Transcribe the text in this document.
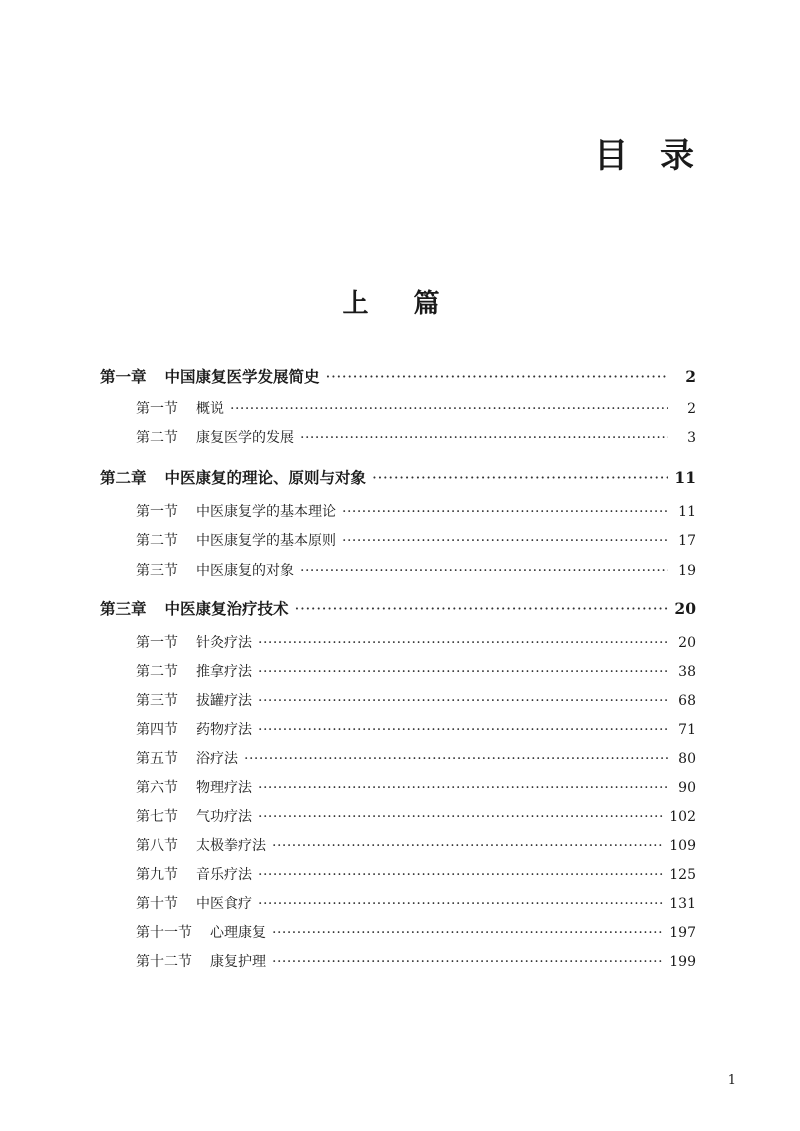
目 录
上 篇
第一章 中国康复医学发展简史 ·····	2
第一节 概说 ·····	2
第二节 康复医学的发展 ·····	3
第二章 中医康复的理论、原则与对象 ·····	11
第一节 中医康复学的基本理论 ·····	11
第二节 中医康复学的基本原则 ·····	17
第三节 中医康复的对象 ·····	19
第三章 中医康复治疗技术 ·····	20
第一节 针灸疗法 ·····	20
第二节 推拿疗法 ·····	38
第三节 拔罐疗法 ·····	68
第四节 药物疗法 ·····	71
第五节 浴疗法 ·····	80
第六节 物理疗法 ·····	90
第七节 气功疗法 ·····	102
第八节 太极拳疗法 ·····	109
第九节 音乐疗法 ·····	125
第十节 中医食疗 ·····	131
第十一节 心理康复 ·····	197
第十二节 康复护理 ·····	199
1
